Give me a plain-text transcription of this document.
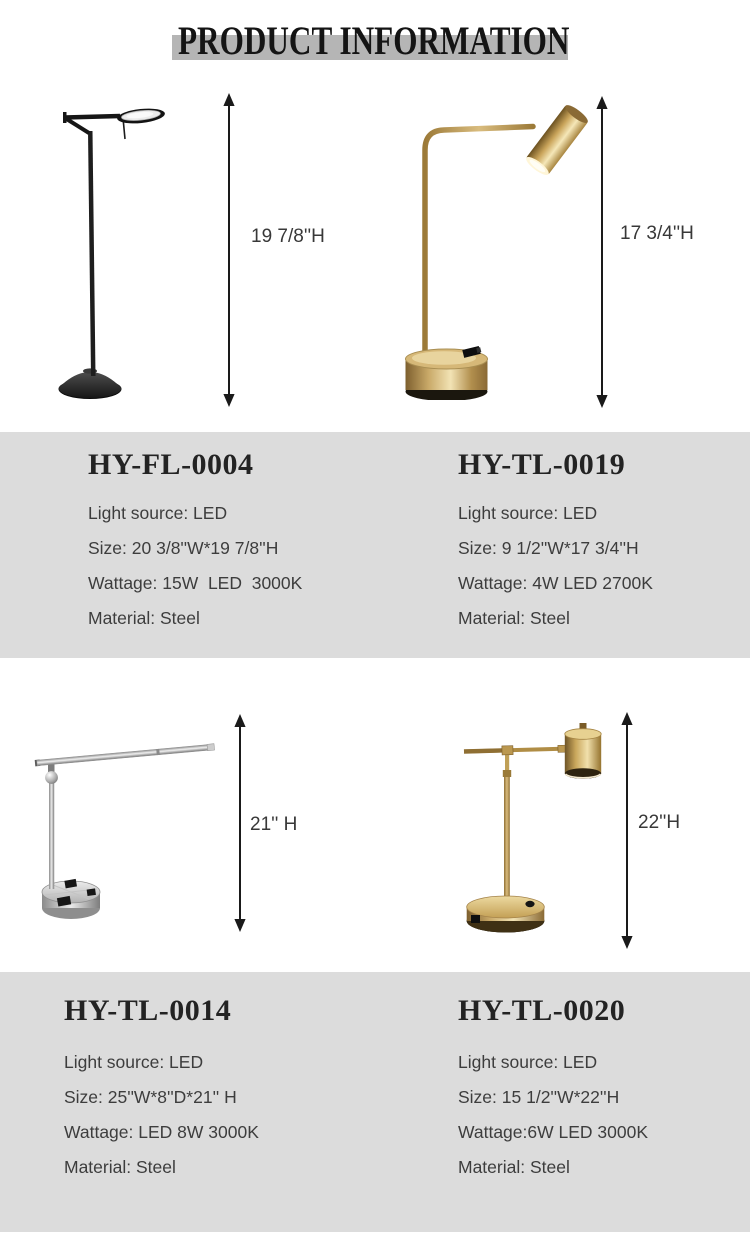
PRODUCT INFORMATION
19 7/8''H	17 3/4''H
HY-FL-0004
Light source: LED
Size: 20 3/8''W*19 7/8''H
Wattage: 15W  LED  3000K
Material: Steel
HY-TL-0019
Light source: LED
Size: 9 1/2''W*17 3/4''H
Wattage: 4W LED 2700K
Material: Steel
21'' H	22''H
HY-TL-0014
Light source: LED
Size: 25''W*8''D*21'' H
Wattage: LED 8W 3000K
Material: Steel
HY-TL-0020
Light source: LED
Size: 15 1/2''W*22''H
Wattage:6W LED 3000K
Material: Steel
